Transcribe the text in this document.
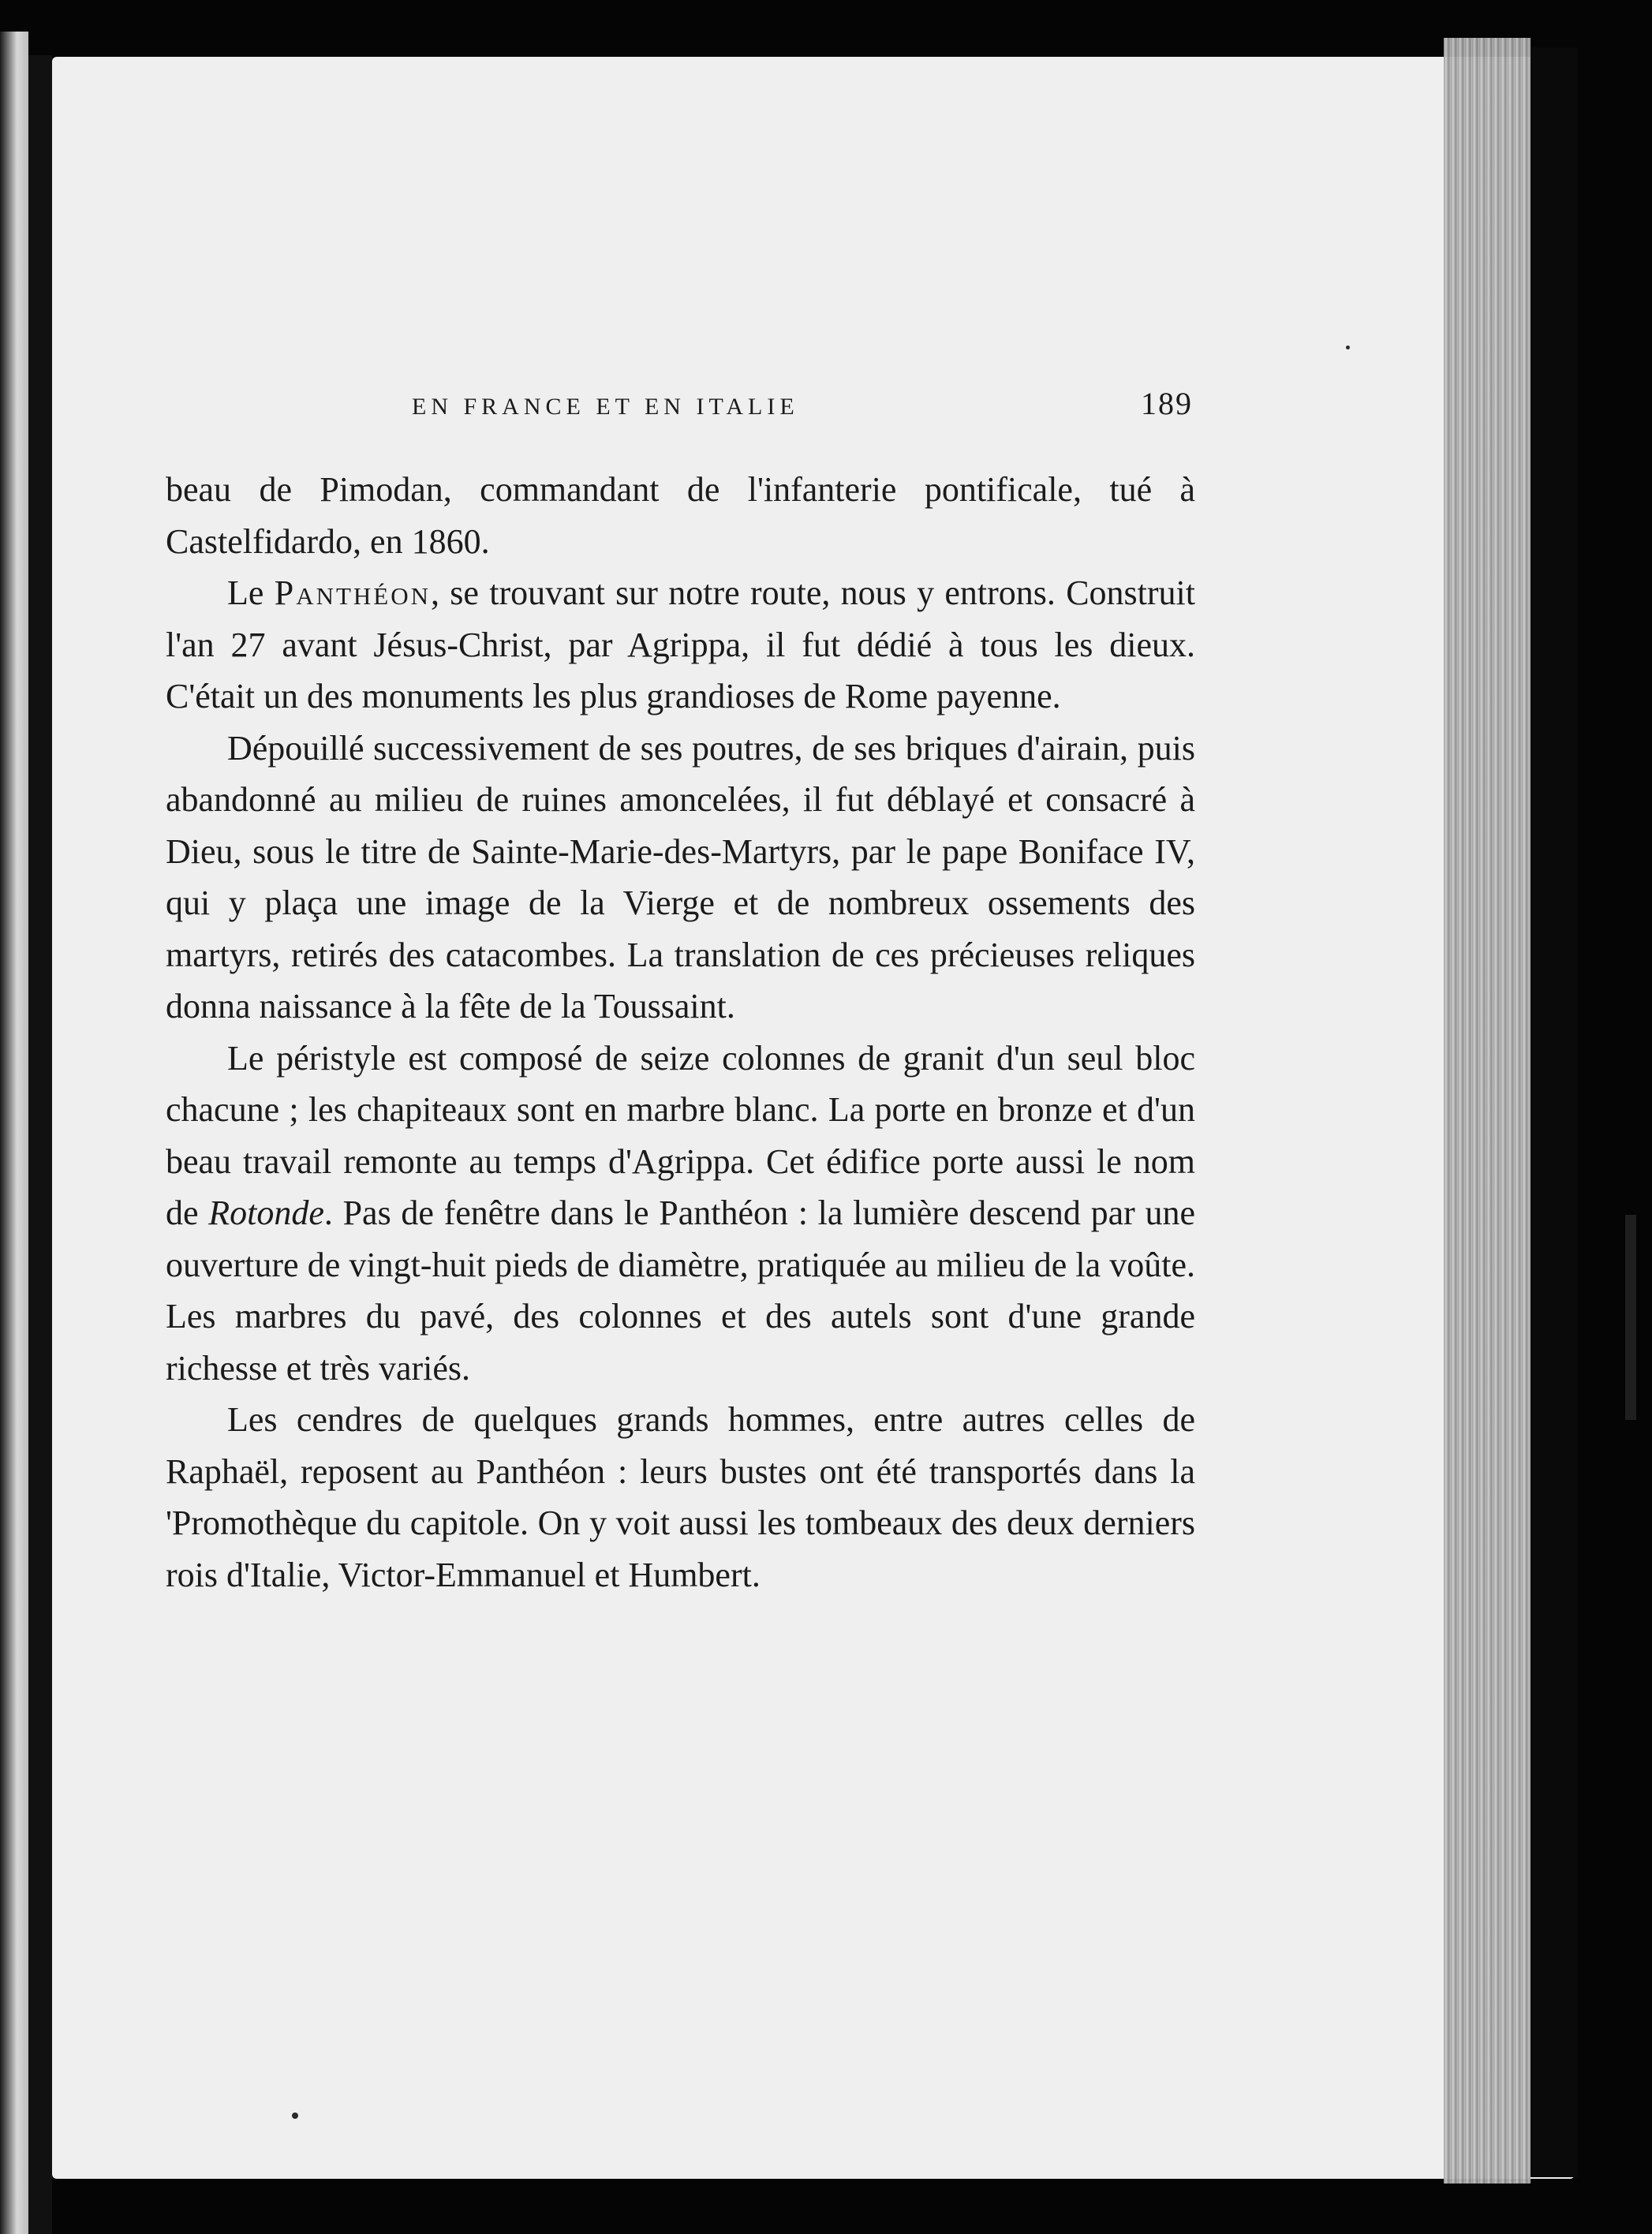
EN FRANCE ET EN ITALIE	189

beau de Pimodan, commandant de l'infanterie pontificale, tué à Castelfidardo, en 1860.

Le Panthéon, se trouvant sur notre route, nous y entrons. Construit l'an 27 avant Jésus-Christ, par Agrippa, il fut dédié à tous les dieux. C'était un des monuments les plus grandioses de Rome payenne.

Dépouillé successivement de ses poutres, de ses briques d'airain, puis abandonné au milieu de ruines amoncelées, il fut déblayé et consacré à Dieu, sous le titre de Sainte-Marie-des-Martyrs, par le pape Boniface IV, qui y plaça une image de la Vierge et de nombreux ossements des martyrs, retirés des catacombes. La translation de ces précieuses reliques donna naissance à la fête de la Toussaint.

Le péristyle est composé de seize colonnes de granit d'un seul bloc chacune ; les chapiteaux sont en marbre blanc. La porte en bronze et d'un beau travail remonte au temps d'Agrippa. Cet édifice porte aussi le nom de Rotonde. Pas de fenêtre dans le Panthéon : la lumière descend par une ouverture de vingt-huit pieds de diamètre, pratiquée au milieu de la voûte. Les marbres du pavé, des colonnes et des autels sont d'une grande richesse et très variés.

Les cendres de quelques grands hommes, entre autres celles de Raphaël, reposent au Panthéon : leurs bustes ont été transportés dans la 'Promothèque du capitole. On y voit aussi les tombeaux des deux derniers rois d'Italie, Victor-Emmanuel et Humbert.
